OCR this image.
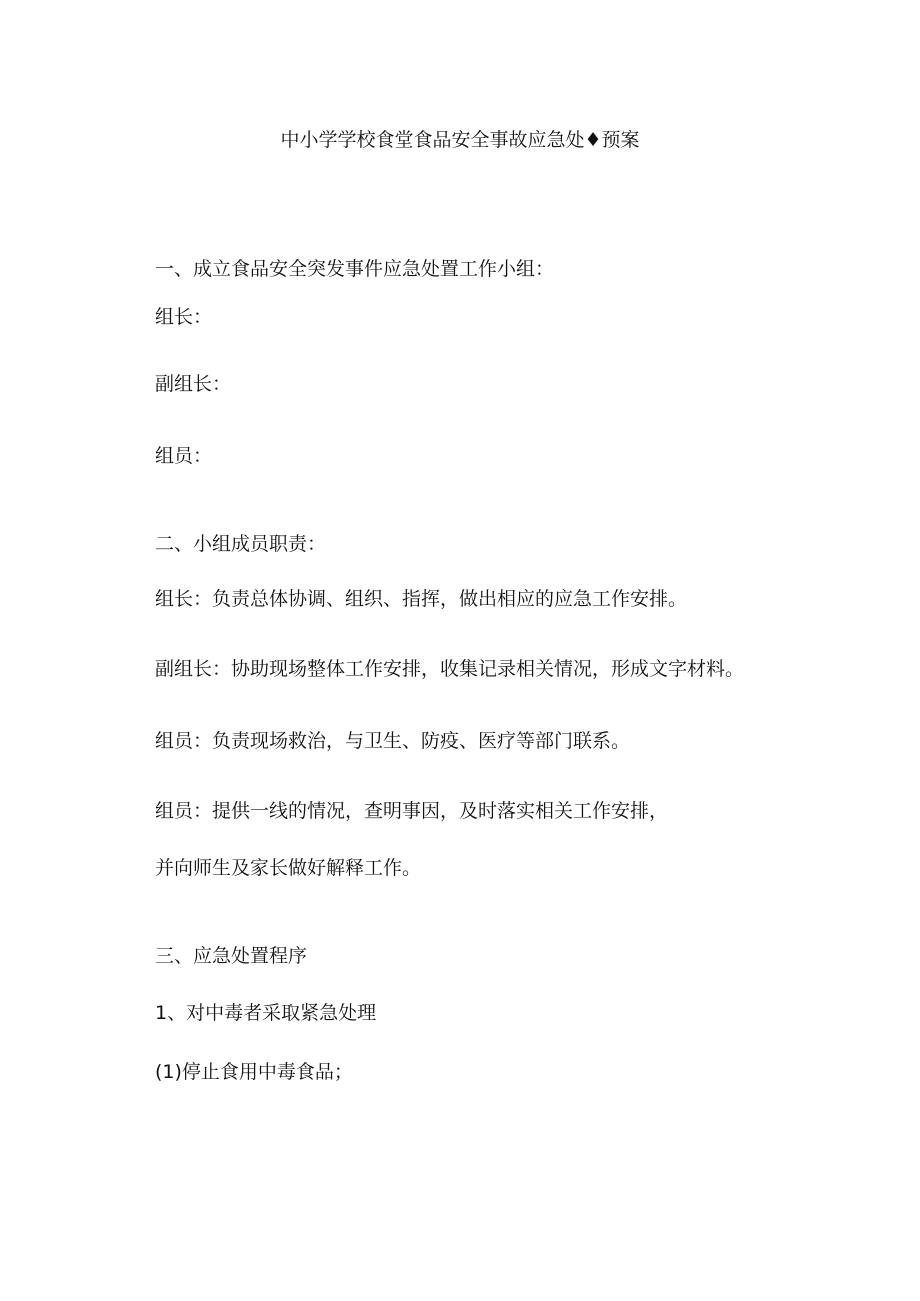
中小学学校食堂食品安全事故应急处♦预案

一、成立食品安全突发事件应急处置工作小组：

组长：

副组长：

组员：

二、小组成员职责：

组长：负责总体协调、组织、指挥，做出相应的应急工作安排。

副组长：协助现场整体工作安排，收集记录相关情况，形成文字材料。

组员：负责现场救治，与卫生、防疫、医疗等部门联系。

组员：提供一线的情况，查明事因，及时落实相关工作安排，

并向师生及家长做好解释工作。

三、应急处置程序

1、对中毒者采取紧急处理

(1)停止食用中毒食品；
